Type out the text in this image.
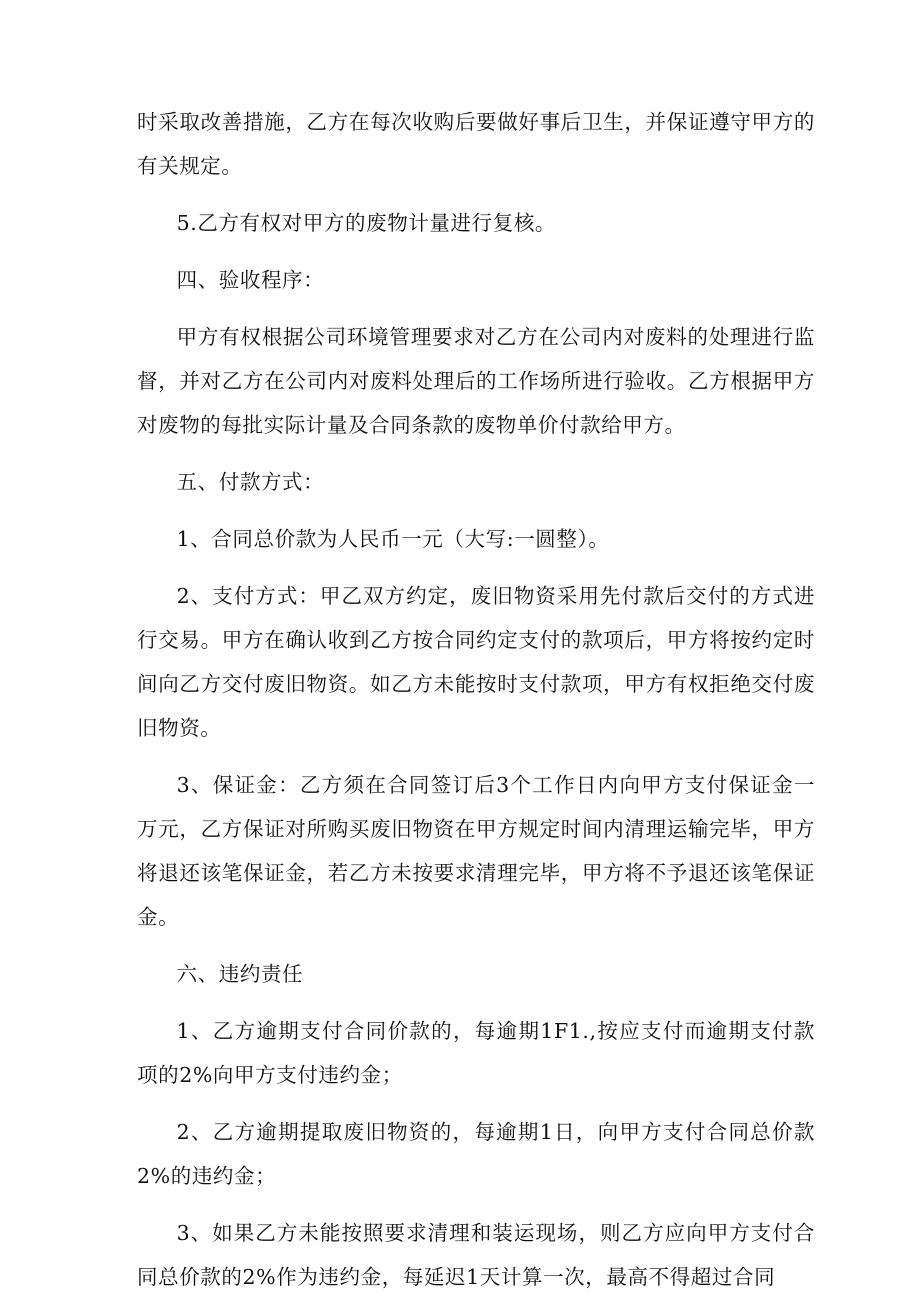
时采取改善措施，乙方在每次收购后要做好事后卫生，并保证遵守甲方的有关规定。

5.乙方有权对甲方的废物计量进行复核。

四、验收程序：

甲方有权根据公司环境管理要求对乙方在公司内对废料的处理进行监督，并对乙方在公司内对废料处理后的工作场所进行验收。乙方根据甲方对废物的每批实际计量及合同条款的废物单价付款给甲方。

五、付款方式：

1、合同总价款为人民币一元（大写:一圆整）。

2、支付方式：甲乙双方约定，废旧物资采用先付款后交付的方式进行交易。甲方在确认收到乙方按合同约定支付的款项后，甲方将按约定时间向乙方交付废旧物资。如乙方未能按时支付款项，甲方有权拒绝交付废旧物资。

3、保证金：乙方须在合同签订后3个工作日内向甲方支付保证金一万元，乙方保证对所购买废旧物资在甲方规定时间内清理运输完毕，甲方将退还该笔保证金，若乙方未按要求清理完毕，甲方将不予退还该笔保证金。

六、违约责任

1、乙方逾期支付合同价款的，每逾期1F1.,按应支付而逾期支付款项的2%向甲方支付违约金；

2、乙方逾期提取废旧物资的，每逾期1日，向甲方支付合同总价款2%的违约金；

3、如果乙方未能按照要求清理和装运现场，则乙方应向甲方支付合同总价款的2%作为违约金，每延迟1天计算一次，最高不得超过合同
